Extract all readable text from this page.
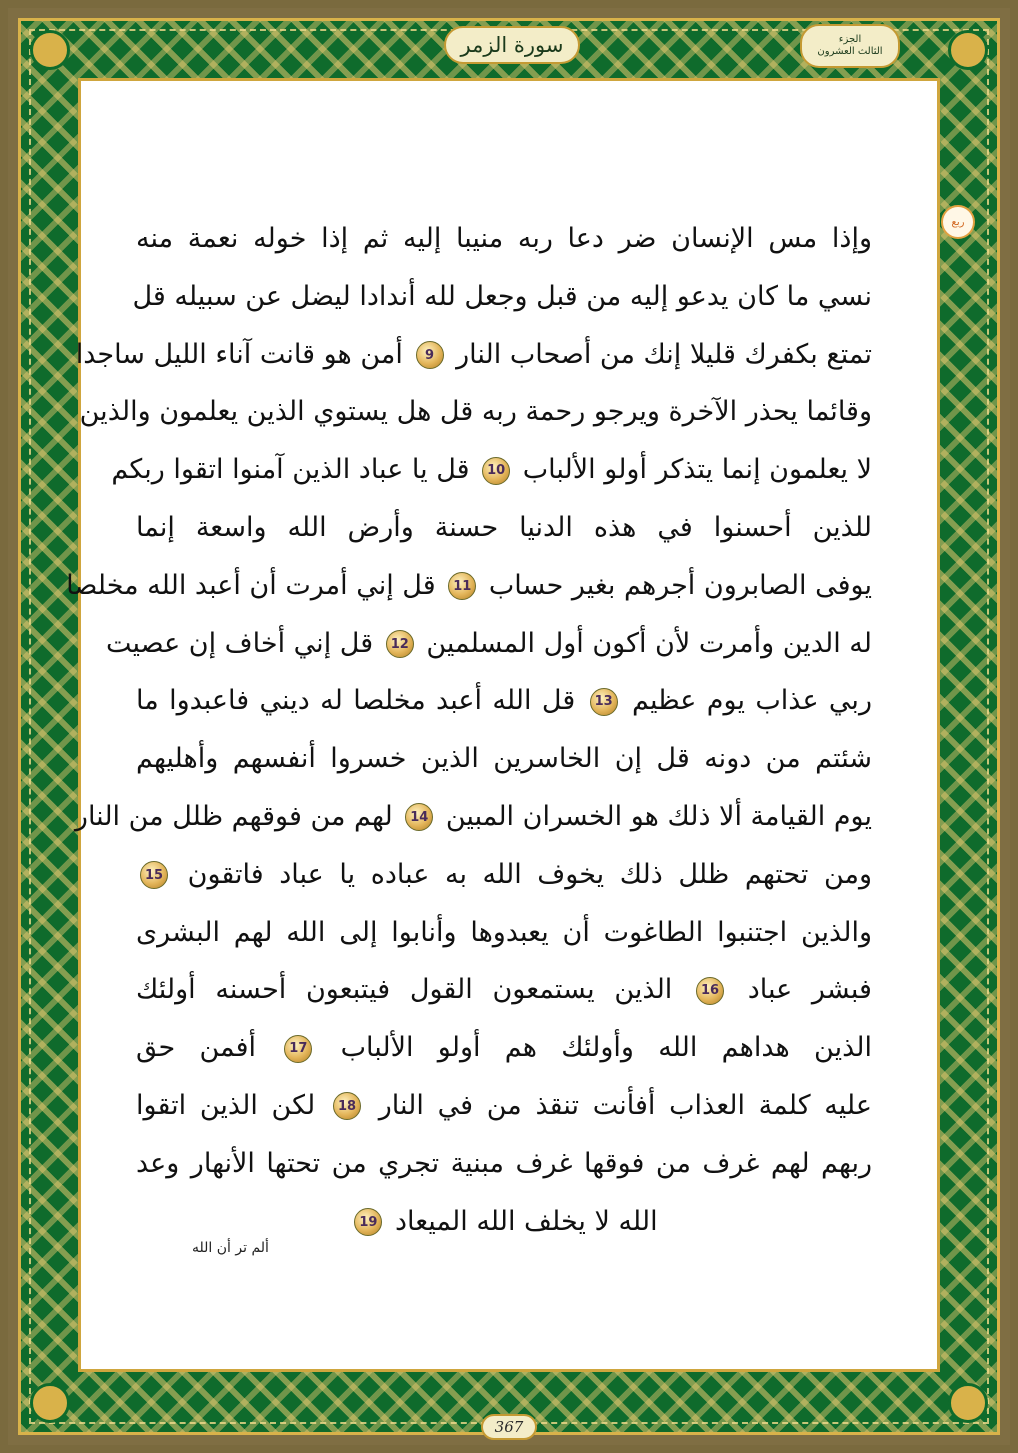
سورة الزمر	الجزء
الثالث العشرون
ربع
وإذا مس الإنسان ضر دعا ربه منيبا إليه ثم إذا خوله نعمة منه
نسي ما كان يدعو إليه من قبل وجعل لله أندادا ليضل عن سبيله قل
تمتع بكفرك قليلا إنك من أصحاب النار 9 أمن هو قانت آناء الليل ساجدا
وقائما يحذر الآخرة ويرجو رحمة ربه قل هل يستوي الذين يعلمون والذين
لا يعلمون إنما يتذكر أولو الألباب 10 قل يا عباد الذين آمنوا اتقوا ربكم
للذين أحسنوا في هذه الدنيا حسنة وأرض الله واسعة إنما
يوفى الصابرون أجرهم بغير حساب 11 قل إني أمرت أن أعبد الله مخلصا
له الدين وأمرت لأن أكون أول المسلمين 12 قل إني أخاف إن عصيت
ربي عذاب يوم عظيم 13 قل الله أعبد مخلصا له ديني فاعبدوا ما
شئتم من دونه قل إن الخاسرين الذين خسروا أنفسهم وأهليهم
يوم القيامة ألا ذلك هو الخسران المبين 14 لهم من فوقهم ظلل من النار
ومن تحتهم ظلل ذلك يخوف الله به عباده يا عباد فاتقون 15
والذين اجتنبوا الطاغوت أن يعبدوها وأنابوا إلى الله لهم البشرى
فبشر عباد 16 الذين يستمعون القول فيتبعون أحسنه أولئك
الذين هداهم الله وأولئك هم أولو الألباب 17 أفمن حق
عليه كلمة العذاب أفأنت تنقذ من في النار 18 لكن الذين اتقوا
ربهم لهم غرف من فوقها غرف مبنية تجري من تحتها الأنهار وعد
الله لا يخلف الله الميعاد 19
ألم تر أن الله
367
